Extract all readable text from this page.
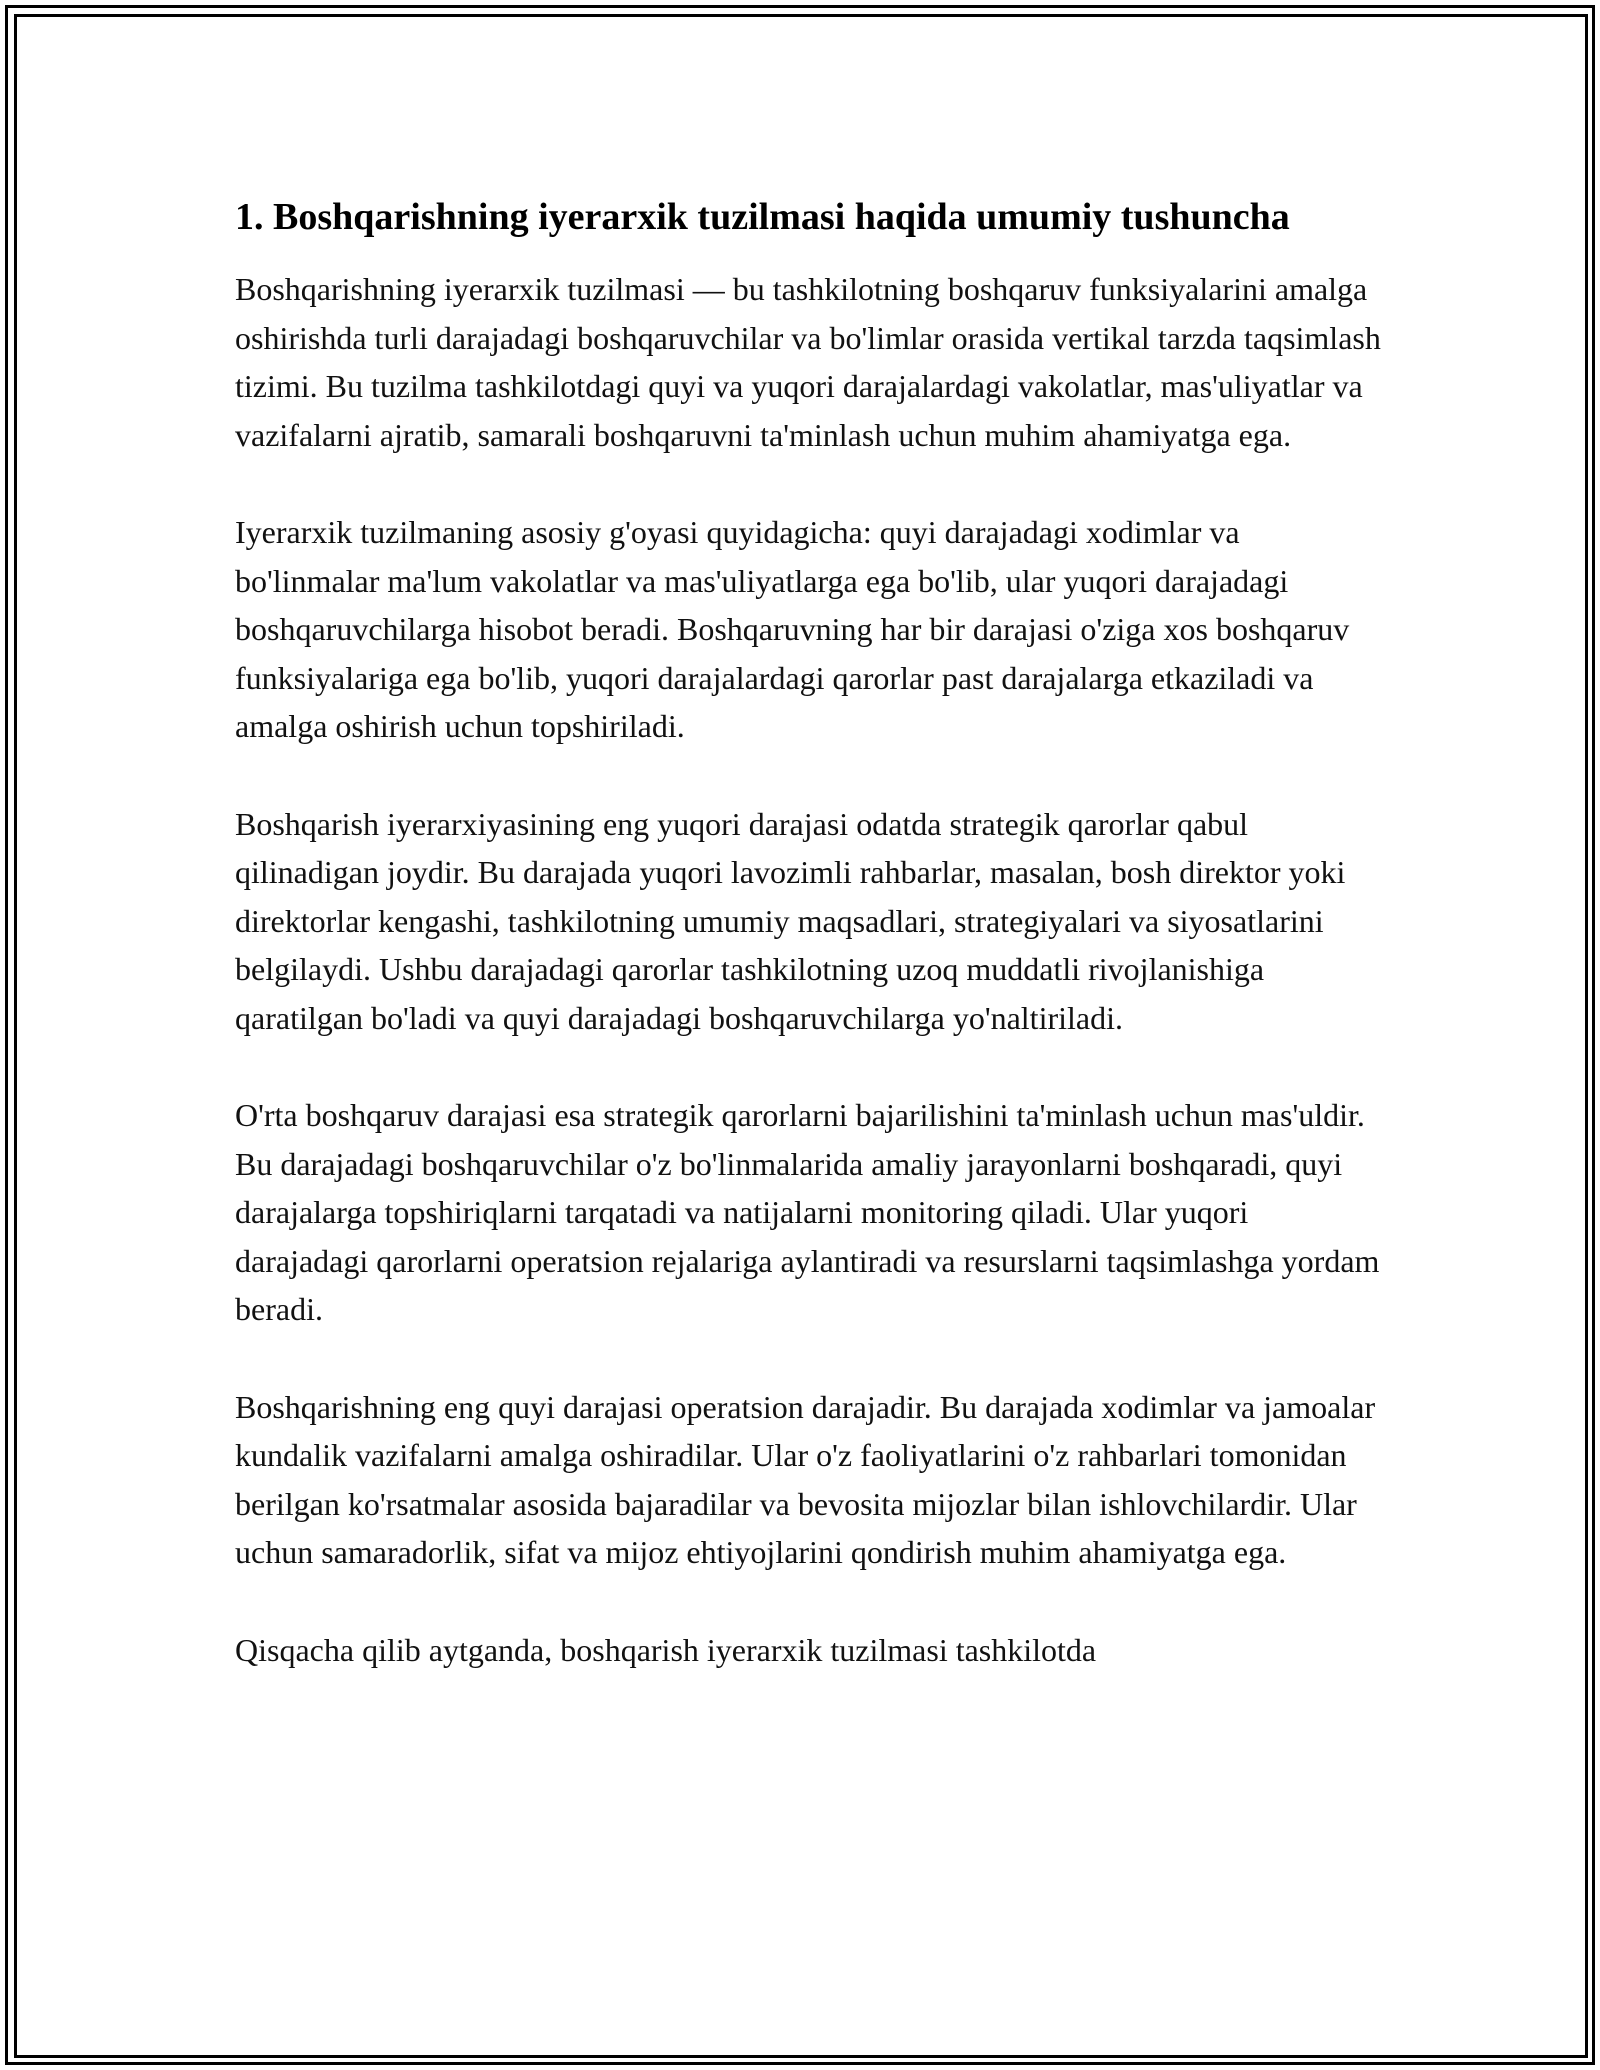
1. Boshqarishning iyerarxik tuzilmasi haqida umumiy tushuncha

Boshqarishning iyerarxik tuzilmasi — bu tashkilotning boshqaruv funksiyalarini amalga oshirishda turli darajadagi boshqaruvchilar va bo'limlar orasida vertikal tarzda taqsimlash tizimi. Bu tuzilma tashkilotdagi quyi va yuqori darajalardagi vakolatlar, mas'uliyatlar va vazifalarni ajratib, samarali boshqaruvni ta'minlash uchun muhim ahamiyatga ega.

Iyerarxik tuzilmaning asosiy g'oyasi quyidagicha: quyi darajadagi xodimlar va bo'linmalar ma'lum vakolatlar va mas'uliyatlarga ega bo'lib, ular yuqori darajadagi boshqaruvchilarga hisobot beradi. Boshqaruvning har bir darajasi o'ziga xos boshqaruv funksiyalariga ega bo'lib, yuqori darajalardagi qarorlar past darajalarga etkaziladi va amalga oshirish uchun topshiriladi.

Boshqarish iyerarxiyasining eng yuqori darajasi odatda strategik qarorlar qabul qilinadigan joydir. Bu darajada yuqori lavozimli rahbarlar, masalan, bosh direktor yoki direktorlar kengashi, tashkilotning umumiy maqsadlari, strategiyalari va siyosatlarini belgilaydi. Ushbu darajadagi qarorlar tashkilotning uzoq muddatli rivojlanishiga qaratilgan bo'ladi va quyi darajadagi boshqaruvchilarga yo'naltiriladi.

O'rta boshqaruv darajasi esa strategik qarorlarni bajarilishini ta'minlash uchun mas'uldir. Bu darajadagi boshqaruvchilar o'z bo'linmalarida amaliy jarayonlarni boshqaradi, quyi darajalarga topshiriqlarni tarqatadi va natijalarni monitoring qiladi. Ular yuqori darajadagi qarorlarni operatsion rejalariga aylantiradi va resurslarni taqsimlashga yordam beradi.

Boshqarishning eng quyi darajasi operatsion darajadir. Bu darajada xodimlar va jamoalar kundalik vazifalarni amalga oshiradilar. Ular o'z faoliyatlarini o'z rahbarlari tomonidan berilgan ko'rsatmalar asosida bajaradilar va bevosita mijozlar bilan ishlovchilardir. Ular uchun samaradorlik, sifat va mijoz ehtiyojlarini qondirish muhim ahamiyatga ega.

Qisqacha qilib aytganda, boshqarish iyerarxik tuzilmasi tashkilotda
